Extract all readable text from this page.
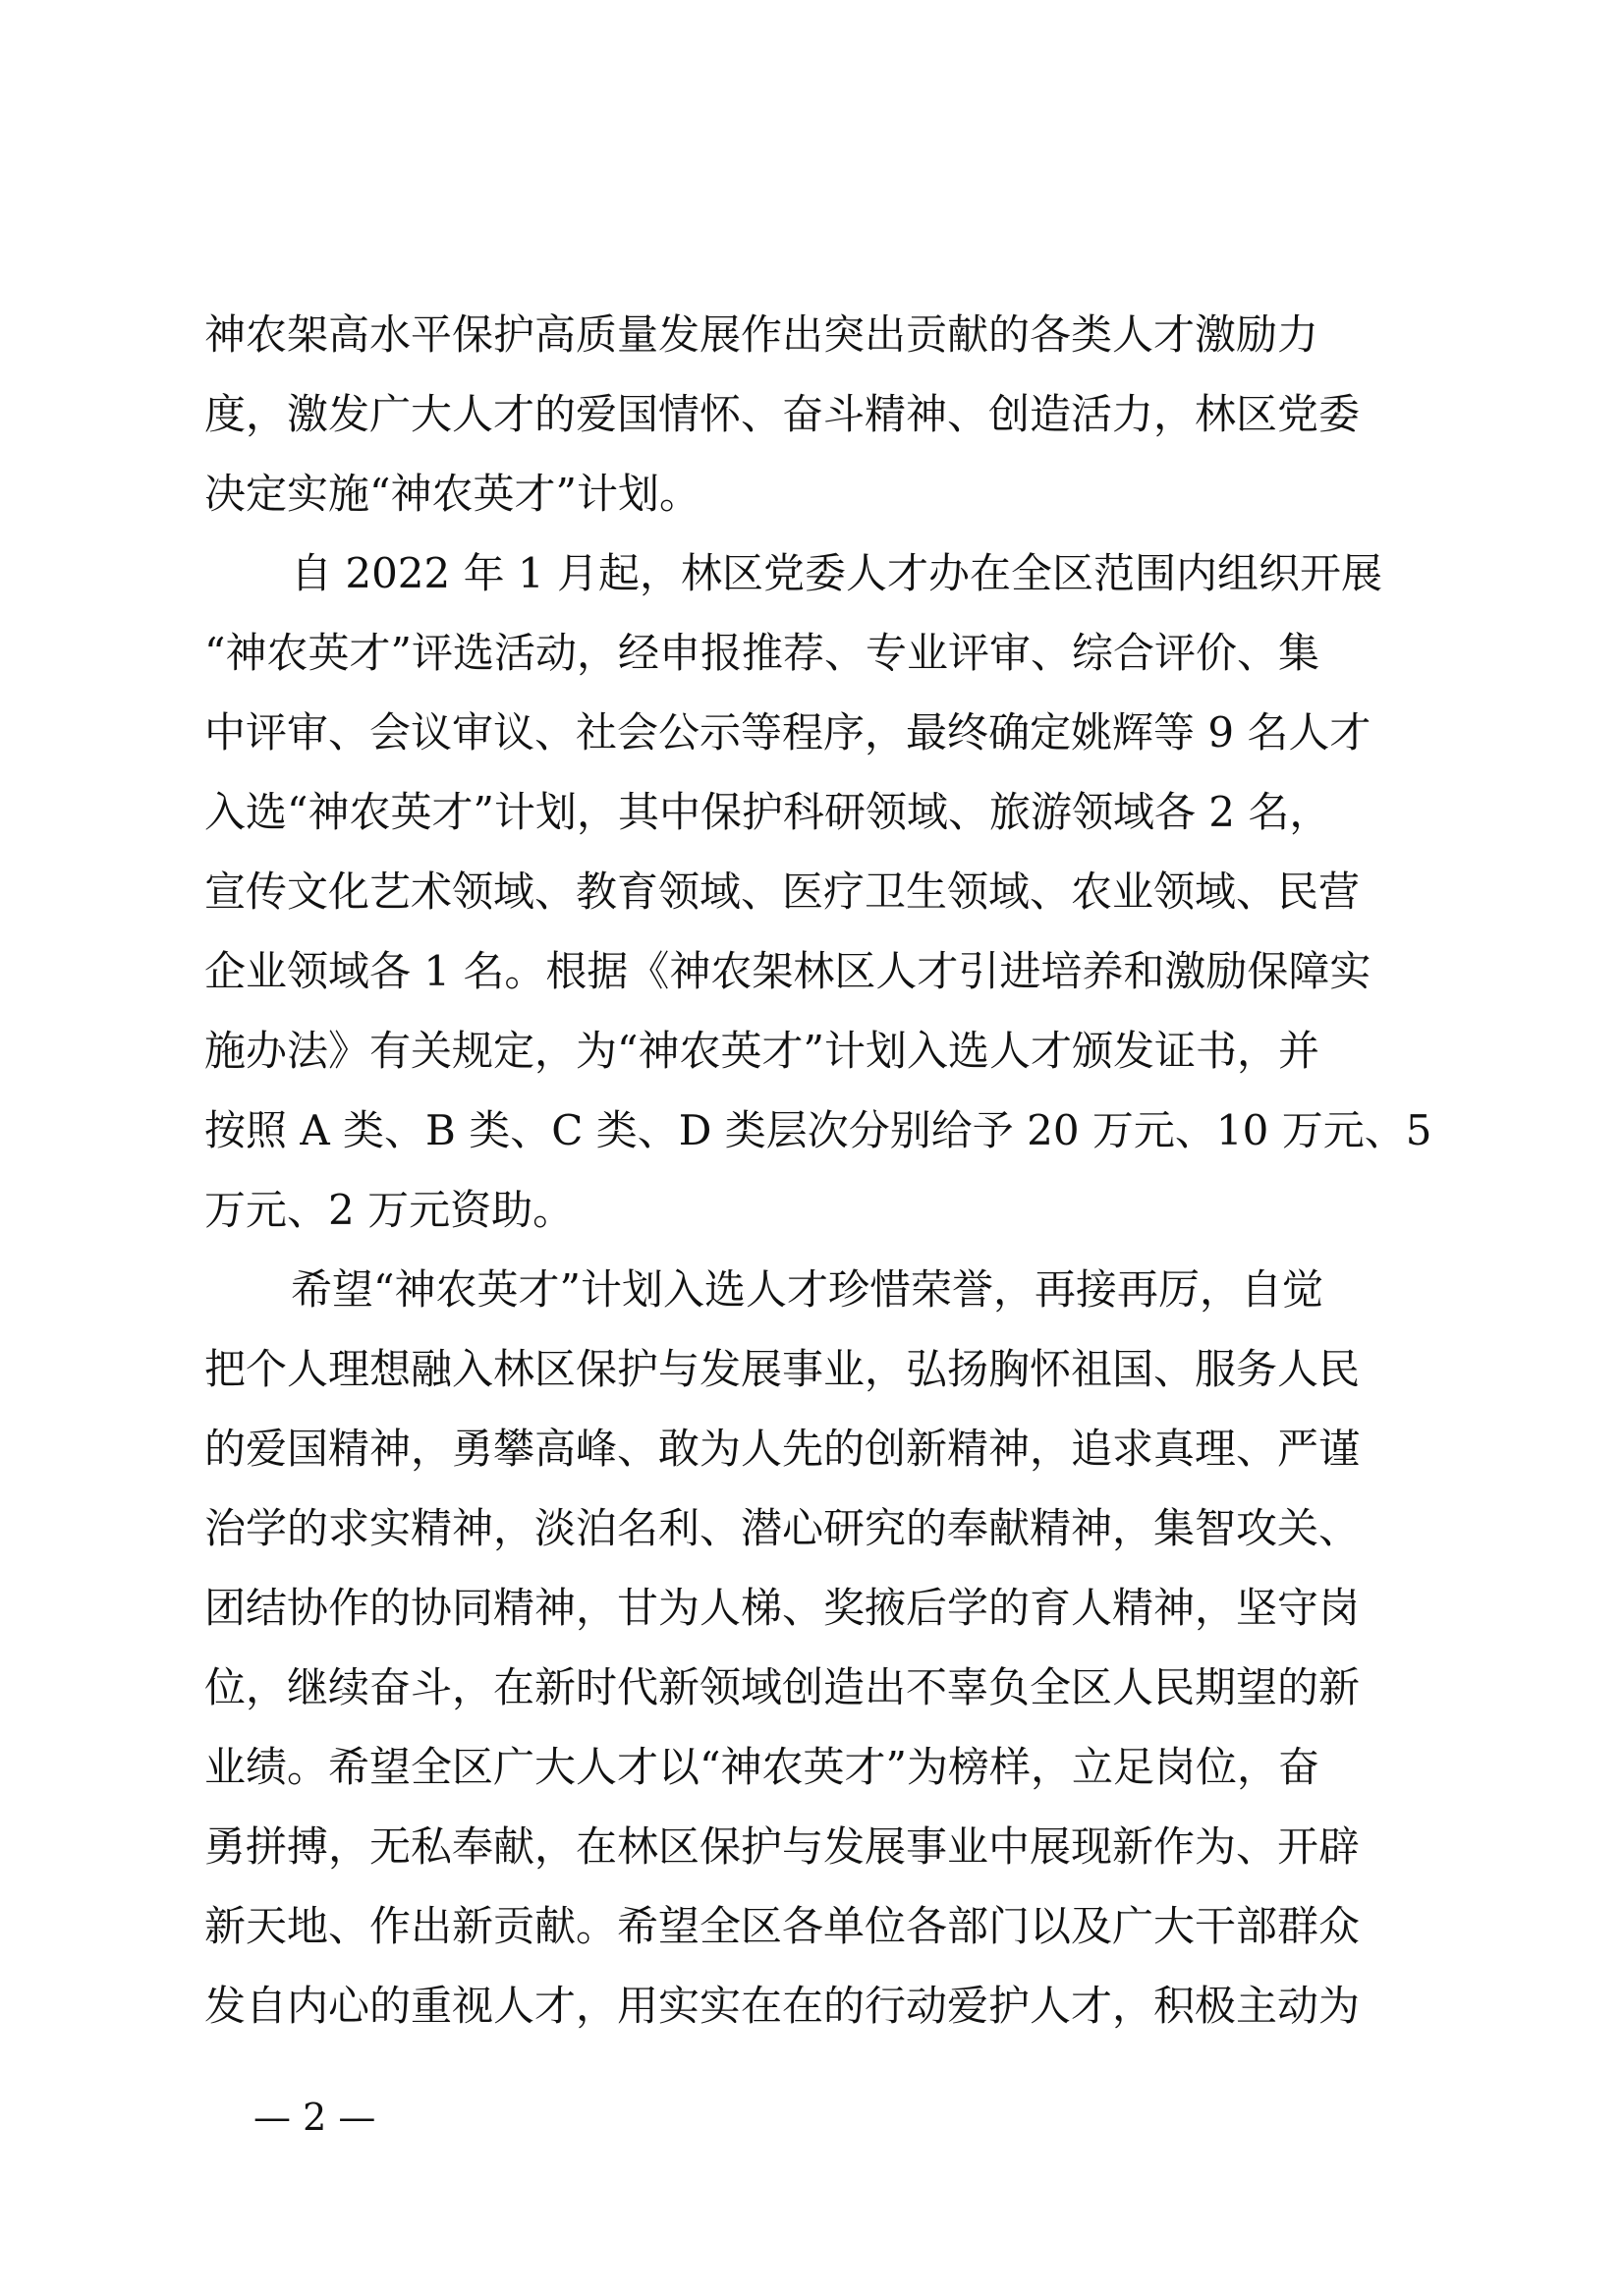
神农架高水平保护高质量发展作出突出贡献的各类人才激励力
度，激发广大人才的爱国情怀、奋斗精神、创造活力，林区党委
决定实施“神农英才”计划。
自 2022 年 1 月起，林区党委人才办在全区范围内组织开展
“神农英才”评选活动，经申报推荐、专业评审、综合评价、集
中评审、会议审议、社会公示等程序，最终确定姚辉等 9 名人才
入选“神农英才”计划，其中保护科研领域、旅游领域各 2 名，
宣传文化艺术领域、教育领域、医疗卫生领域、农业领域、民营
企业领域各 1 名。根据《神农架林区人才引进培养和激励保障实
施办法》有关规定，为“神农英才”计划入选人才颁发证书，并
按照 A 类、B 类、C 类、D 类层次分别给予 20 万元、10 万元、5
万元、2 万元资助。
希望“神农英才”计划入选人才珍惜荣誉，再接再厉，自觉
把个人理想融入林区保护与发展事业，弘扬胸怀祖国、服务人民
的爱国精神，勇攀高峰、敢为人先的创新精神，追求真理、严谨
治学的求实精神，淡泊名利、潜心研究的奉献精神，集智攻关、
团结协作的协同精神，甘为人梯、奖掖后学的育人精神，坚守岗
位，继续奋斗，在新时代新领域创造出不辜负全区人民期望的新
业绩。希望全区广大人才以“神农英才”为榜样，立足岗位，奋
勇拼搏，无私奉献，在林区保护与发展事业中展现新作为、开辟
新天地、作出新贡献。希望全区各单位各部门以及广大干部群众
发自内心的重视人才，用实实在在的行动爱护人才，积极主动为
— 2 —
